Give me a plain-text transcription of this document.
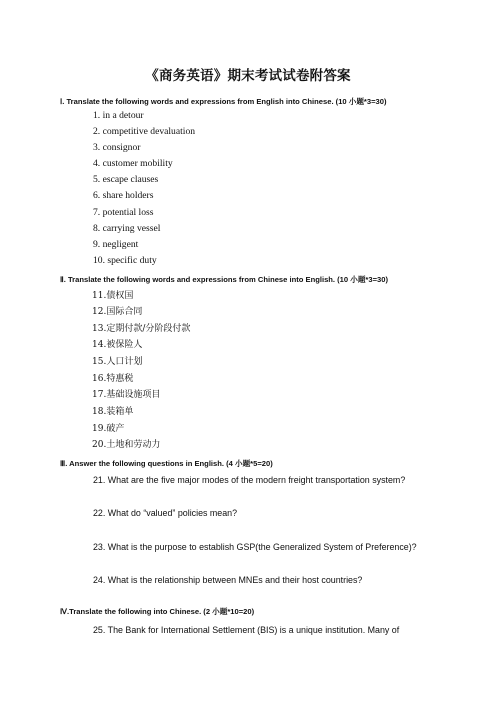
《商务英语》期末考试试卷附答案
Ⅰ. Translate the following words and expressions from English into Chinese. (10 小题*3=30)
1. in a detour
2. competitive devaluation
3. consignor
4. customer mobility
5. escape clauses
6. share holders
7. potential loss
8. carrying vessel
9. negligent
10. specific duty
Ⅱ. Translate the following words and expressions from Chinese into English. (10 小题*3=30)
11.债权国
12.国际合同
13.定期付款/分阶段付款
14.被保险人
15.人口计划
16.特惠税
17.基础设施项目
18.装箱单
19.破产
20.土地和劳动力
Ⅲ. Answer the following questions in English. (4 小题*5=20)
21. What are the five major modes of the modern freight transportation system?
22. What do “valued” policies mean?
23. What is the purpose to establish GSP(the Generalized System of Preference)?
24. What is the relationship between MNEs and their host countries?
Ⅳ.Translate the following into Chinese. (2 小题*10=20)
25. The Bank for International Settlement (BIS) is a unique institution. Many of
